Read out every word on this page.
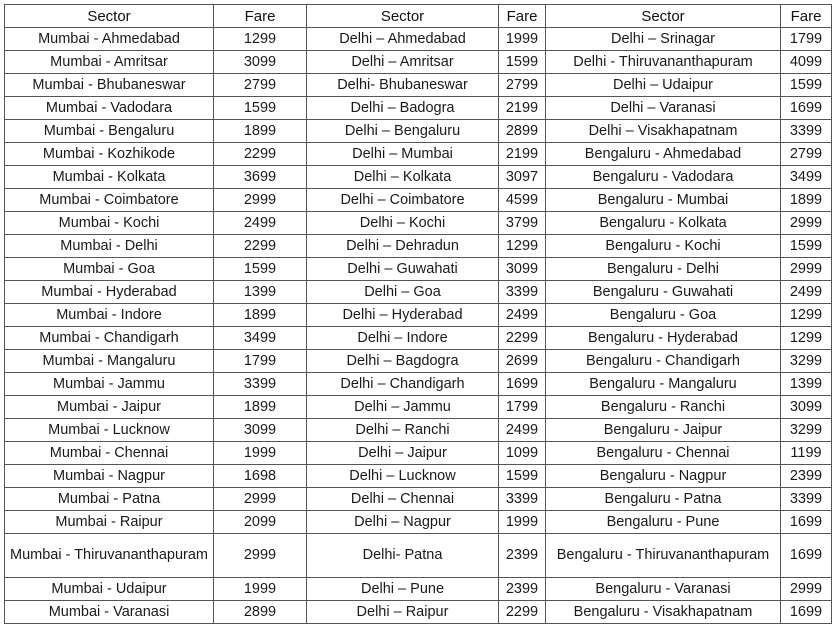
Sector	Fare	Sector	Fare	Sector	Fare
Mumbai - Ahmedabad	1299	Delhi – Ahmedabad	1999	Delhi – Srinagar	1799
Mumbai - Amritsar	3099	Delhi – Amritsar	1599	Delhi - Thiruvananthapuram	4099
Mumbai - Bhubaneswar	2799	Delhi- Bhubaneswar	2799	Delhi – Udaipur	1599
Mumbai - Vadodara	1599	Delhi – Badogra	2199	Delhi – Varanasi	1699
Mumbai - Bengaluru	1899	Delhi – Bengaluru	2899	Delhi – Visakhapatnam	3399
Mumbai - Kozhikode	2299	Delhi – Mumbai	2199	Bengaluru - Ahmedabad	2799
Mumbai - Kolkata	3699	Delhi – Kolkata	3097	Bengaluru - Vadodara	3499
Mumbai - Coimbatore	2999	Delhi – Coimbatore	4599	Bengaluru - Mumbai	1899
Mumbai - Kochi	2499	Delhi – Kochi	3799	Bengaluru - Kolkata	2999
Mumbai - Delhi	2299	Delhi – Dehradun	1299	Bengaluru - Kochi	1599
Mumbai - Goa	1599	Delhi – Guwahati	3099	Bengaluru - Delhi	2999
Mumbai - Hyderabad	1399	Delhi – Goa	3399	Bengaluru - Guwahati	2499
Mumbai - Indore	1899	Delhi – Hyderabad	2499	Bengaluru - Goa	1299
Mumbai - Chandigarh	3499	Delhi – Indore	2299	Bengaluru - Hyderabad	1299
Mumbai - Mangaluru	1799	Delhi – Bagdogra	2699	Bengaluru - Chandigarh	3299
Mumbai - Jammu	3399	Delhi – Chandigarh	1699	Bengaluru - Mangaluru	1399
Mumbai - Jaipur	1899	Delhi – Jammu	1799	Bengaluru - Ranchi	3099
Mumbai - Lucknow	3099	Delhi – Ranchi	2499	Bengaluru - Jaipur	3299
Mumbai - Chennai	1999	Delhi – Jaipur	1099	Bengaluru - Chennai	1199
Mumbai - Nagpur	1698	Delhi – Lucknow	1599	Bengaluru - Nagpur	2399
Mumbai - Patna	2999	Delhi – Chennai	3399	Bengaluru - Patna	3399
Mumbai - Raipur	2099	Delhi – Nagpur	1999	Bengaluru - Pune	1699
Mumbai - Thiruvananthapuram	2999	Delhi- Patna	2399	Bengaluru - Thiruvananthapuram	1699
Mumbai - Udaipur	1999	Delhi – Pune	2399	Bengaluru - Varanasi	2999
Mumbai - Varanasi	2899	Delhi – Raipur	2299	Bengaluru - Visakhapatnam	1699
